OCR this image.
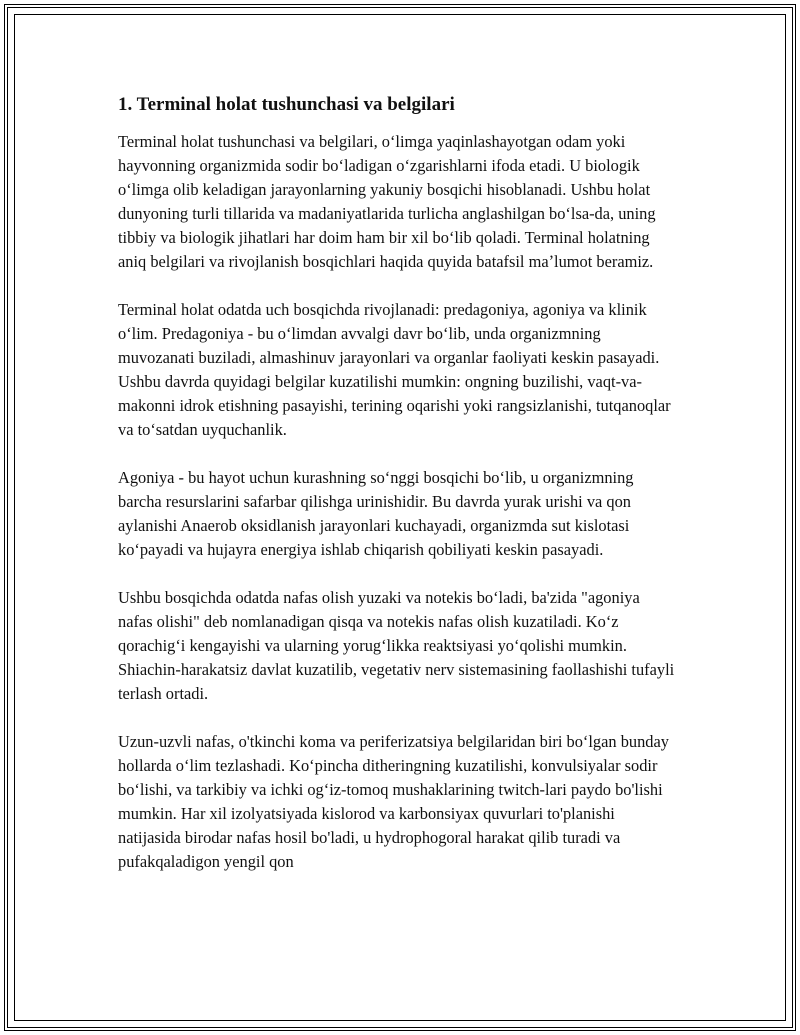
1. Terminal holat tushunchasi va belgilari

Terminal holat tushunchasi va belgilari, oʻlimga yaqinlashayotgan odam yoki hayvonning organizmida sodir boʻladigan oʻzgarishlarni ifoda etadi. U biologik oʻlimga olib keladigan jarayonlarning yakuniy bosqichi hisoblanadi. Ushbu holat dunyoning turli tillarida va madaniyatlarida turlicha anglashilgan boʻlsa-da, uning tibbiy va biologik jihatlari har doim ham bir xil boʻlib qoladi. Terminal holatning aniq belgilari va rivojlanish bosqichlari haqida quyida batafsil maʼlumot beramiz.

Terminal holat odatda uch bosqichda rivojlanadi: predagoniya, agoniya va klinik oʻlim. Predagoniya - bu oʻlimdan avvalgi davr boʻlib, unda organizmning muvozanati buziladi, almashinuv jarayonlari va organlar faoliyati keskin pasayadi. Ushbu davrda quyidagi belgilar kuzatilishi mumkin: ongning buzilishi, vaqt-va-makonni idrok etishning pasayishi, terining oqarishi yoki rangsizlanishi, tutqanoqlar va toʻsatdan uyquchanlik.

Agoniya - bu hayot uchun kurashning soʻnggi bosqichi boʻlib, u organizmning barcha resurslarini safarbar qilishga urinishidir. Bu davrda yurak urishi va qon aylanishi Anaerob oksidlanish jarayonlari kuchayadi, organizmda sut kislotasi koʻpayadi va hujayra energiya ishlab chiqarish qobiliyati keskin pasayadi.

Ushbu bosqichda odatda nafas olish yuzaki va notekis boʻladi, ba'zida "agoniya nafas olishi" deb nomlanadigan qisqa va notekis nafas olish kuzatiladi. Koʻz qorachigʻi kengayishi va ularning yorugʻlikka reaktsiyasi yoʻqolishi mumkin. Shiachin-harakatsiz davlat kuzatilib, vegetativ nerv sistemasining faollashishi tufayli terlash ortadi.

Uzun-uzvli nafas, o'tkinchi koma va periferizatsiya belgilaridan biri boʻlgan bunday hollarda oʻlim tezlashadi. Koʻpincha ditheringning kuzatilishi, konvulsiyalar sodir boʻlishi, va tarkibiy va ichki ogʻiz-tomoq mushaklarining twitch-lari paydo bo'lishi mumkin. Har xil izolyatsiyada kislorod va karbonsiyax quvurlari to'planishi natijasida birodar nafas hosil bo'ladi, u hydrophogoral harakat qilib turadi va pufakqaladigon yengil qon
